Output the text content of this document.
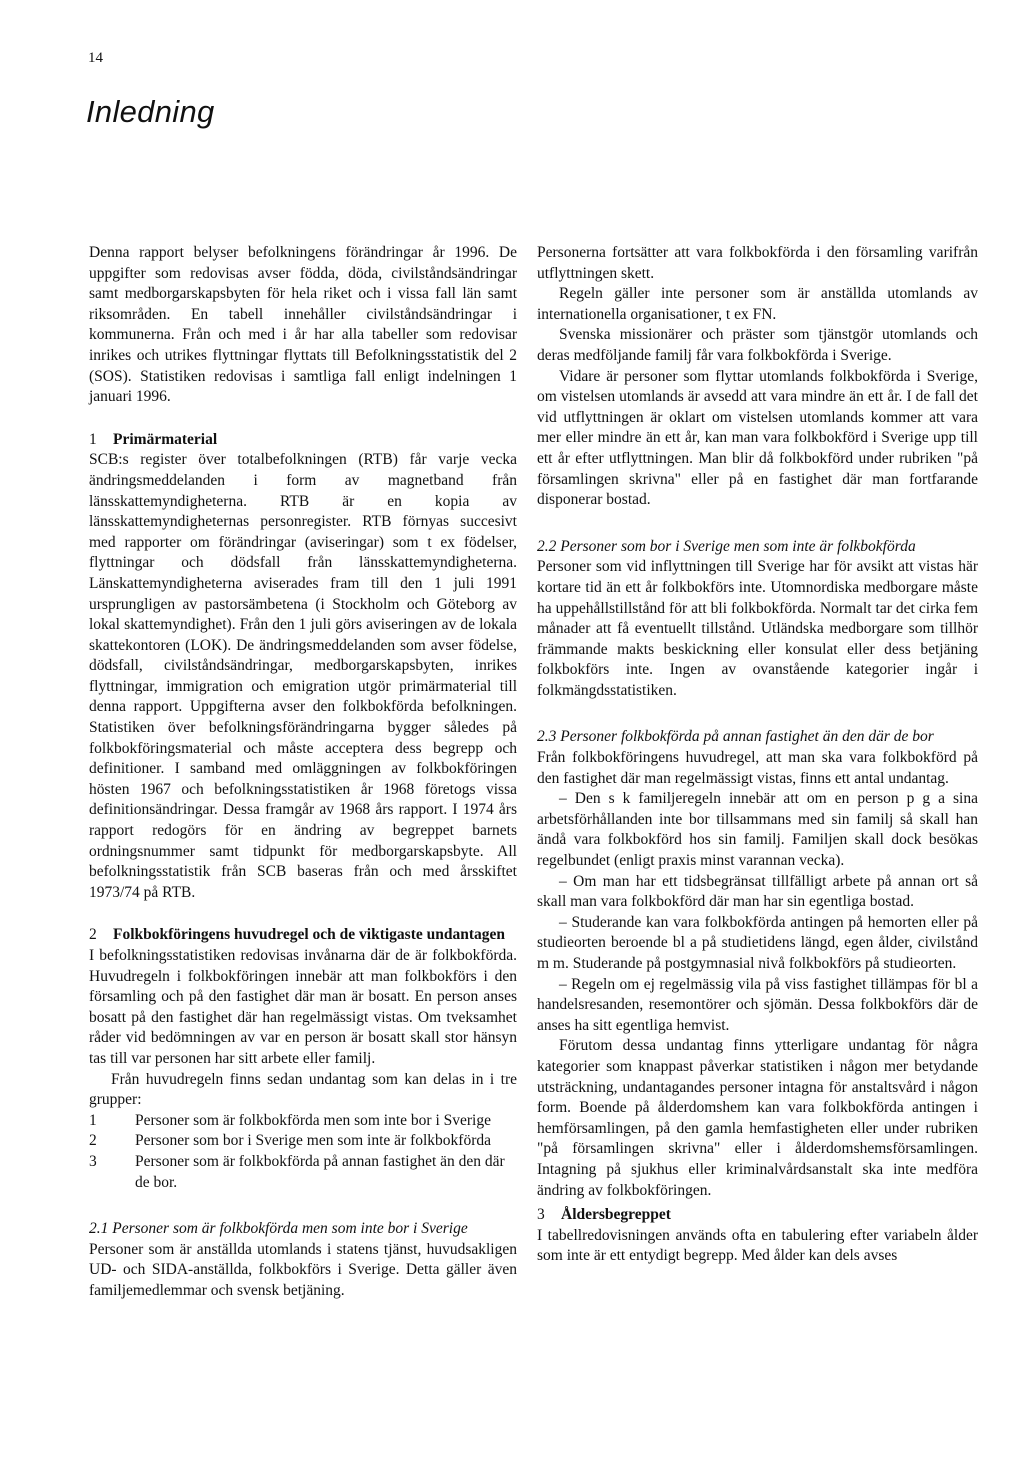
14
Inledning

Denna rapport belyser befolkningens förändringar år 1996. De uppgifter som redovisas avser födda, döda, civilståndsändringar samt medborgarskapsbyten för hela riket och i vissa fall län samt riksområden. En tabell innehåller civilståndsändringar i kommunerna. Från och med i år har alla tabeller som redovisar inrikes och utrikes flyttningar flyttats till Befolkningsstatistik del 2 (SOS). Statistiken redovisas i samtliga fall enligt indelningen 1 januari 1996.

1 Primärmaterial

SCB:s register över totalbefolkningen (RTB) får varje vecka ändringsmeddelanden i form av magnetband från länsskattemyndigheterna. RTB är en kopia av länsskattemyndigheternas personregister. RTB förnyas succesivt med rapporter om förändringar (aviseringar) som t ex födelser, flyttningar och dödsfall från länsskattemyndigheterna. Länskattemyndigheterna aviserades fram till den 1 juli 1991 ursprungligen av pastorsämbetena (i Stockholm och Göteborg av lokal skattemyndighet). Från den 1 juli görs aviseringen av de lokala skattekontoren (LOK). De ändringsmeddelanden som avser födelse, dödsfall, civilståndsändringar, medborgarskapsbyten, inrikes flyttningar, immigration och emigration utgör primärmaterial till denna rapport. Uppgifterna avser den folkbokförda befolkningen. Statistiken över befolkningsförändringarna bygger således på folkbokföringsmaterial och måste acceptera dess begrepp och definitioner. I samband med omläggningen av folkbokföringen hösten 1967 och befolkningsstatistiken år 1968 företogs vissa definitionsändringar. Dessa framgår av 1968 års rapport. I 1974 års rapport redogörs för en ändring av begreppet barnets ordningsnummer samt tidpunkt för medborgarskapsbyte. All befolkningsstatistik från SCB baseras från och med årsskiftet 1973/74 på RTB.

2 Folkbokföringens huvudregel och de viktigaste undantagen

I befolkningsstatistiken redovisas invånarna där de är folkbokförda. Huvudregeln i folkbokföringen innebär att man folkbokförs i den församling och på den fastighet där man är bosatt. En person anses bosatt på den fastighet där han regelmässigt vistas. Om tveksamhet råder vid bedömningen av var en person är bosatt skall stor hänsyn tas till var personen har sitt arbete eller familj.

Från huvudregeln finns sedan undantag som kan delas in i tre grupper:

1	Personer som är folkbokförda men som inte bor i Sverige
2	Personer som bor i Sverige men som inte är folkbokförda
3	Personer som är folkbokförda på annan fastighet än den där de bor.

2.1 Personer som är folkbokförda men som inte bor i Sverige

Personer som är anställda utomlands i statens tjänst, huvudsakligen UD- och SIDA-anställda, folkbokförs i Sverige. Detta gäller även familjemedlemmar och svensk betjäning.

Personerna fortsätter att vara folkbokförda i den församling varifrån utflyttningen skett.

Regeln gäller inte personer som är anställda utomlands av internationella organisationer, t ex FN.

Svenska missionärer och präster som tjänstgör utomlands och deras medföljande familj får vara folkbokförda i Sverige.

Vidare är personer som flyttar utomlands folkbokförda i Sverige, om vistelsen utomlands är avsedd att vara mindre än ett år. I de fall det vid utflyttningen är oklart om vistelsen utomlands kommer att vara mer eller mindre än ett år, kan man vara folkbokförd i Sverige upp till ett år efter utflyttningen. Man blir då folkbokförd under rubriken "på församlingen skrivna" eller på en fastighet där man fortfarande disponerar bostad.

2.2 Personer som bor i Sverige men som inte är folkbokförda

Personer som vid inflyttningen till Sverige har för avsikt att vistas här kortare tid än ett år folkbokförs inte. Utomnordiska medborgare måste ha uppehållstillstånd för att bli folkbokförda. Normalt tar det cirka fem månader att få eventuellt tillstånd. Utländska medborgare som tillhör främmande makts beskickning eller konsulat eller dess betjäning folkbokförs inte. Ingen av ovanstående kategorier ingår i folkmängdsstatistiken.

2.3 Personer folkbokförda på annan fastighet än den där de bor

Från folkbokföringens huvudregel, att man ska vara folkbokförd på den fastighet där man regelmässigt vistas, finns ett antal undantag.

– Den s k familjeregeln innebär att om en person p g a sina arbetsförhållanden inte bor tillsammans med sin familj så skall han ändå vara folkbokförd hos sin familj. Familjen skall dock besökas regelbundet (enligt praxis minst varannan vecka).

– Om man har ett tidsbegränsat tillfälligt arbete på annan ort så skall man vara folkbokförd där man har sin egentliga bostad.

– Studerande kan vara folkbokförda antingen på hemorten eller på studieorten beroende bl a på studietidens längd, egen ålder, civilstånd m m. Studerande på postgymnasial nivå folkbokförs på studieorten.

– Regeln om ej regelmässig vila på viss fastighet tillämpas för bl a handelsresanden, resemontörer och sjömän. Dessa folkbokförs där de anses ha sitt egentliga hemvist.

Förutom dessa undantag finns ytterligare undantag för några kategorier som knappast påverkar statistiken i någon mer betydande utsträckning, undantagandes personer intagna för anstaltsvård i någon form. Boende på ålderdomshem kan vara folkbokförda antingen i hemförsamlingen, på den gamla hemfastigheten eller under rubriken "på församlingen skrivna" eller i ålderdomshemsförsamlingen. Intagning på sjukhus eller kriminalvårdsanstalt ska inte medföra ändring av folkbokföringen.

3 Åldersbegreppet

I tabellredovisningen används ofta en tabulering efter variabeln ålder som inte är ett entydigt begrepp. Med ålder kan dels avses
